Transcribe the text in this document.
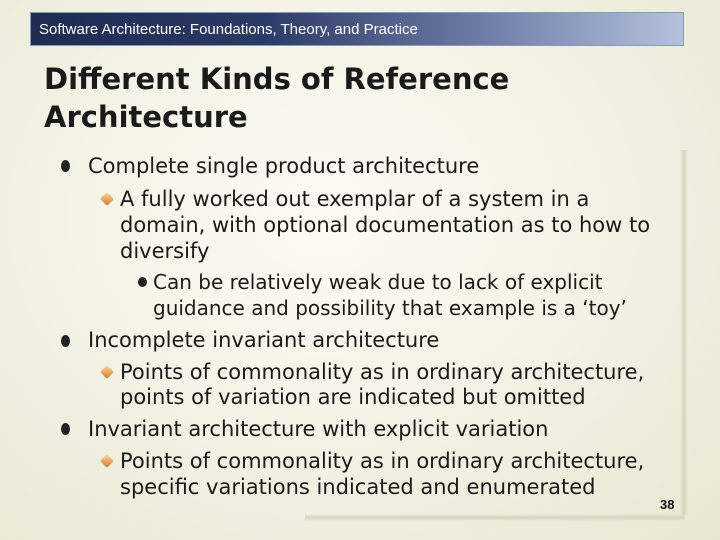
Software Architecture: Foundations, Theory, and Practice
Different Kinds of Reference Architecture
Complete single product architecture
A fully worked out exemplar of a system in a
domain, with optional documentation as to how to
diversify
Can be relatively weak due to lack of explicit
guidance and possibility that example is a ‘toy’
Incomplete invariant architecture
Points of commonality as in ordinary architecture,
points of variation are indicated but omitted
Invariant architecture with explicit variation
Points of commonality as in ordinary architecture,
specific variations indicated and enumerated
38
